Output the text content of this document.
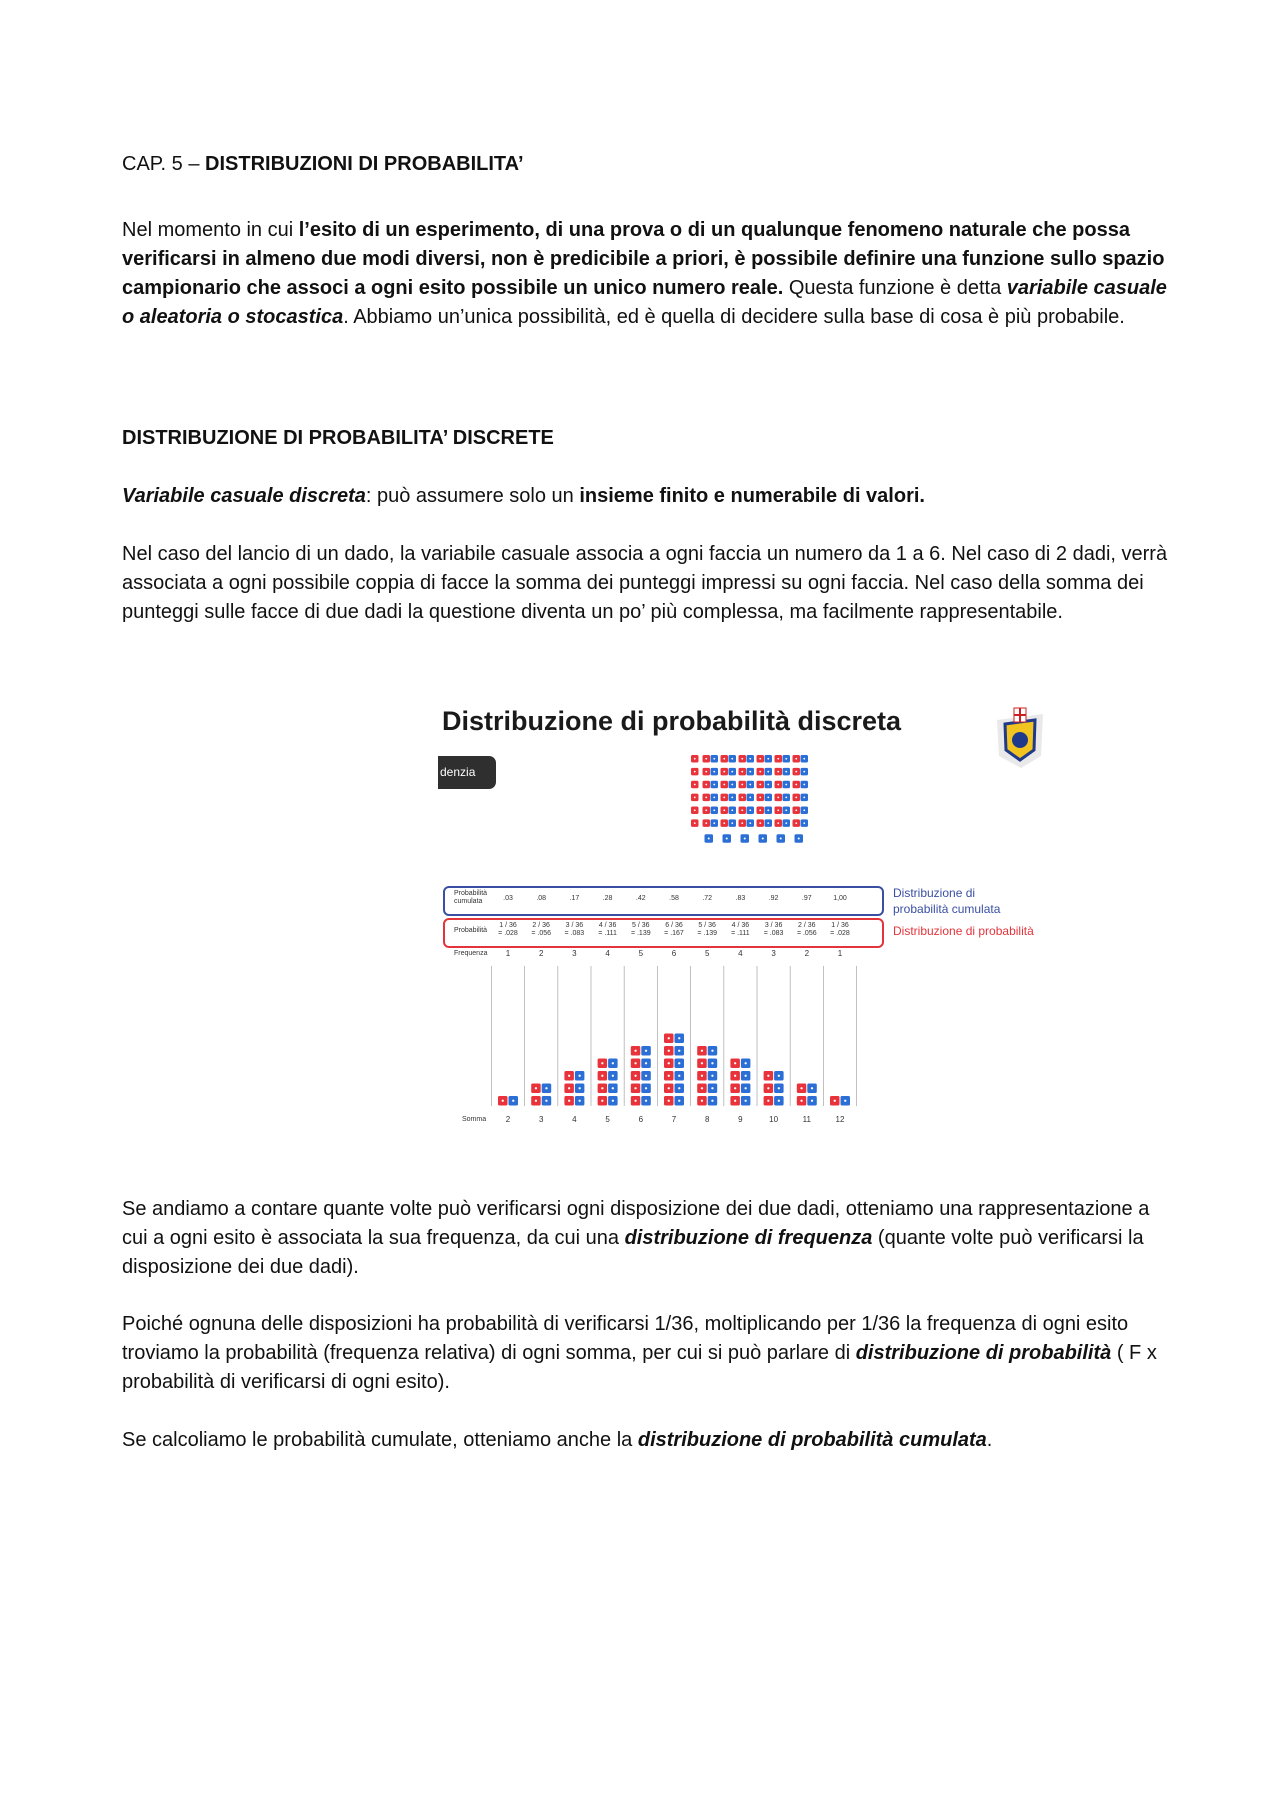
CAP. 5 – DISTRIBUZIONI DI PROBABILITA’

Nel momento in cui l’esito di un esperimento, di una prova o di un qualunque fenomeno naturale che possa verificarsi in almeno due modi diversi, non è predicibile a priori, è possibile definire una funzione sullo spazio campionario che associ a ogni esito possibile un unico numero reale. Questa funzione è detta variabile casuale o aleatoria o stocastica. Abbiamo un’unica possibilità, ed è quella di decidere sulla base di cosa è più probabile.

DISTRIBUZIONE DI PROBABILITA’ DISCRETE

Variabile casuale discreta: può assumere solo un insieme finito e numerabile di valori.

Nel caso del lancio di un dado, la variabile casuale associa a ogni faccia un numero da 1 a 6. Nel caso di 2 dadi, verrà associata a ogni possibile coppia di facce la somma dei punteggi impressi su ogni faccia. Nel caso della somma dei punteggi sulle facce di due dadi la questione diventa un po’ più complessa, ma facilmente rappresentabile.

Se andiamo a contare quante volte può verificarsi ogni disposizione dei due dadi, otteniamo una rappresentazione a cui a ogni esito è associata la sua frequenza, da cui una distribuzione di frequenza (quante volte può verificarsi la disposizione dei due dadi).

Poiché ognuna delle disposizioni ha probabilità di verificarsi 1/36, moltiplicando per 1/36 la frequenza di ogni esito troviamo la probabilità (frequenza relativa) di ogni somma, per cui si può parlare di distribuzione di probabilità ( F x probabilità di verificarsi di ogni esito).

Se calcoliamo le probabilità cumulate, otteniamo anche la distribuzione di probabilità cumulata.

Distribuzione di probabilità discreta
denzia
Probabilità
cumulata
Probabilità
Frequenza
Somma
.03
1 / 36
= .028
1
2
.08
2 / 36
= .056
2
3
.17
3 / 36
= .083
3
4
.28
4 / 36
= .111
4
5
.42
5 / 36
= .139
5
6
.58
6 / 36
= .167
6
7
.72
5 / 36
= .139
5
8
.83
4 / 36
= .111
4
9
.92
3 / 36
= .083
3
10
.97
2 / 36
= .056
2
11
1,00
1 / 36
= .028
1
12
Distribuzione di
probabilità cumulata
Distribuzione di probabilità
